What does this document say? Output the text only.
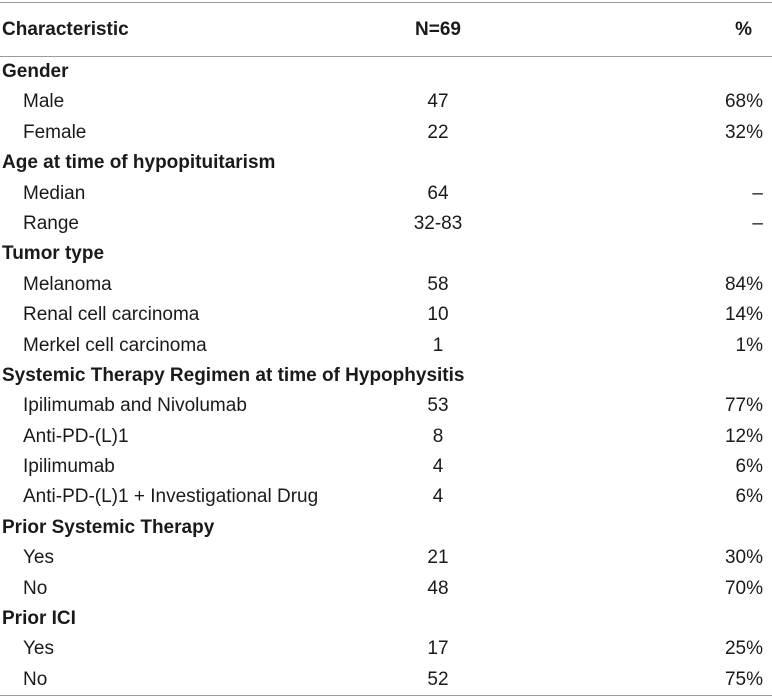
Characteristic	N=69	%
Gender
Male	47	68%
Female	22	32%
Age at time of hypopituitarism
Median	64	–
Range	32-83	–
Tumor type
Melanoma	58	84%
Renal cell carcinoma	10	14%
Merkel cell carcinoma	1	1%
Systemic Therapy Regimen at time of Hypophysitis
Ipilimumab and Nivolumab	53	77%
Anti-PD-(L)1	8	12%
Ipilimumab	4	6%
Anti-PD-(L)1 + Investigational Drug	4	6%
Prior Systemic Therapy
Yes	21	30%
No	48	70%
Prior ICI
Yes	17	25%
No	52	75%
